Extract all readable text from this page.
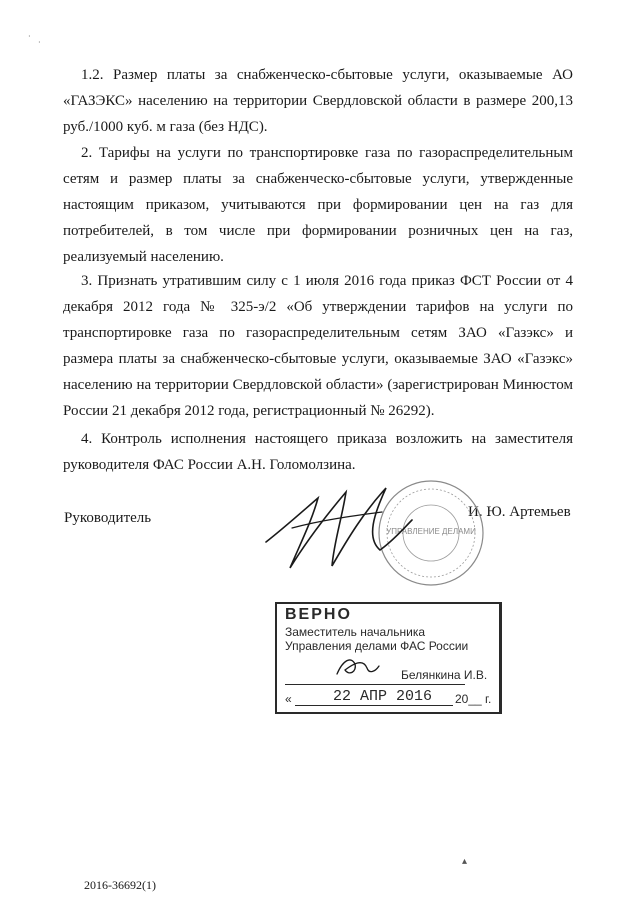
·
·

1.2. Размер платы за снабженческо-сбытовые услуги, оказываемые АО «ГАЗЭКС» населению на территории Свердловской области в размере 200,13 руб./1000 куб. м газа (без НДС).

2. Тарифы на услуги по транспортировке газа по газораспределительным сетям и размер платы за снабженческо-сбытовые услуги, утвержденные настоящим приказом, учитываются при формировании цен на газ для потребителей, в том числе при формировании розничных цен на газ, реализуемый населению.

3. Признать утратившим силу с 1 июля 2016 года приказ ФСТ России от 4 декабря 2012 года № 325-э/2 «Об утверждении тарифов на услуги по транспортировке газа по газораспределительным сетям ЗАО «Газэкс» и размера платы за снабженческо-сбытовые услуги, оказываемые ЗАО «Газэкс» населению на территории Свердловской области» (зарегистрирован Минюстом России 21 декабря 2012 года, регистрационный № 26292).

4. Контроль исполнения настоящего приказа возложить на заместителя руководителя ФАС России А.Н. Голомолзина.

Руководитель	И. Ю. Артемьев
УПРАВЛЕНИЕ ДЕЛАМИ
ВЕРНО
Заместитель начальника
Управления делами ФАС России
Белянкина И.В.
«	22 АПР 2016 20__ г.
▴
2016-36692(1)
